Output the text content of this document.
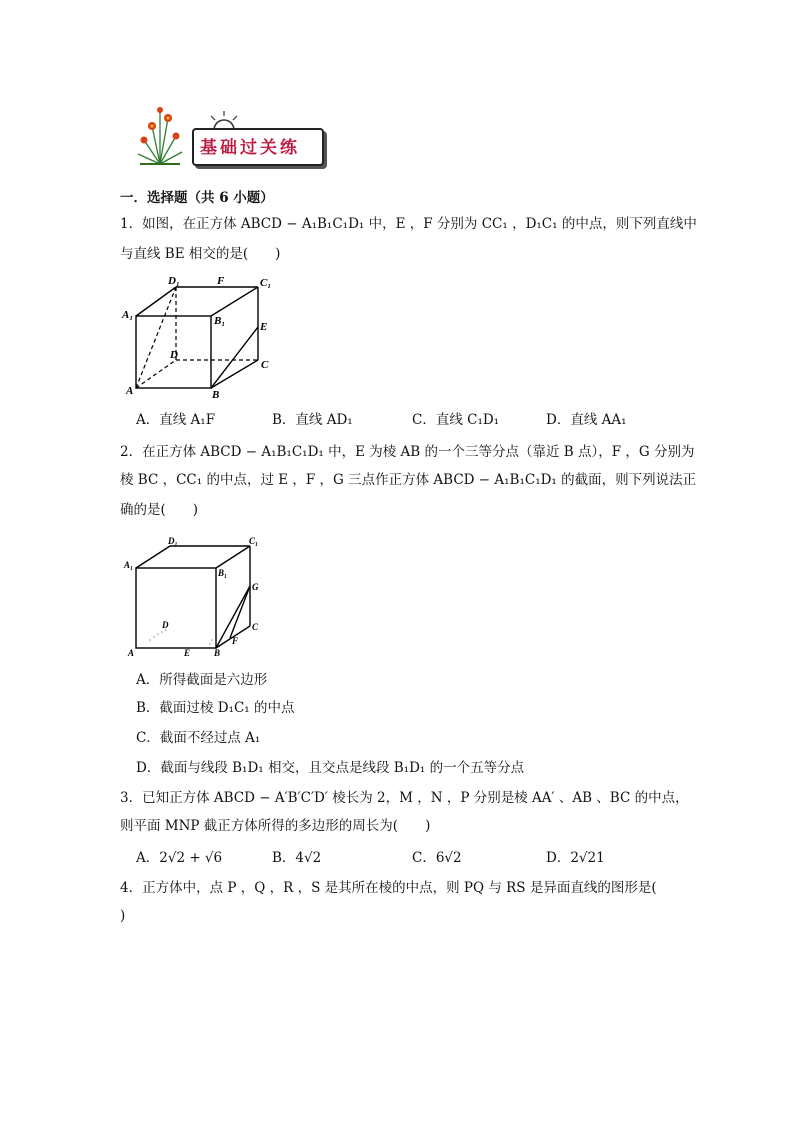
基础过关练
一．选择题（共 6 小题）
1．如图，在正方体 ABCD − A₁B₁C₁D₁ 中，E ，F 分别为 CC₁ ，D₁C₁ 的中点，则下列直线中
与直线 BE 相交的是(　　)
D₁	F	C₁
A₁	B₁	E
D
C
A	B
A．直线 A₁F	B．直线 AD₁	C．直线 C₁D₁	D．直线 AA₁
2．在正方体 ABCD − A₁B₁C₁D₁ 中，E 为棱 AB 的一个三等分点（靠近 B 点），F ，G 分别为
棱 BC ，CC₁ 的中点，过 E ，F ，G 三点作正方体 ABCD − A₁B₁C₁D₁ 的截面，则下列说法正
确的是(　　)
D₁	C₁
A₁
B₁
G
D	C
F
A	E	B
A．所得截面是六边形
B．截面过棱 D₁C₁ 的中点
C．截面不经过点 A₁
D．截面与线段 B₁D₁ 相交，且交点是线段 B₁D₁ 的一个五等分点
3．已知正方体 ABCD − A′B′C′D′ 棱长为 2，M ，N ，P 分别是棱 AA′ 、AB 、BC 的中点，
则平面 MNP 截正方体所得的多边形的周长为(　　)
A．2√2 + √6	B．4√2	C．6√2	D．2√21
4．正方体中，点 P ，Q ，R ，S 是其所在棱的中点，则 PQ 与 RS 是异面直线的图形是(
)
